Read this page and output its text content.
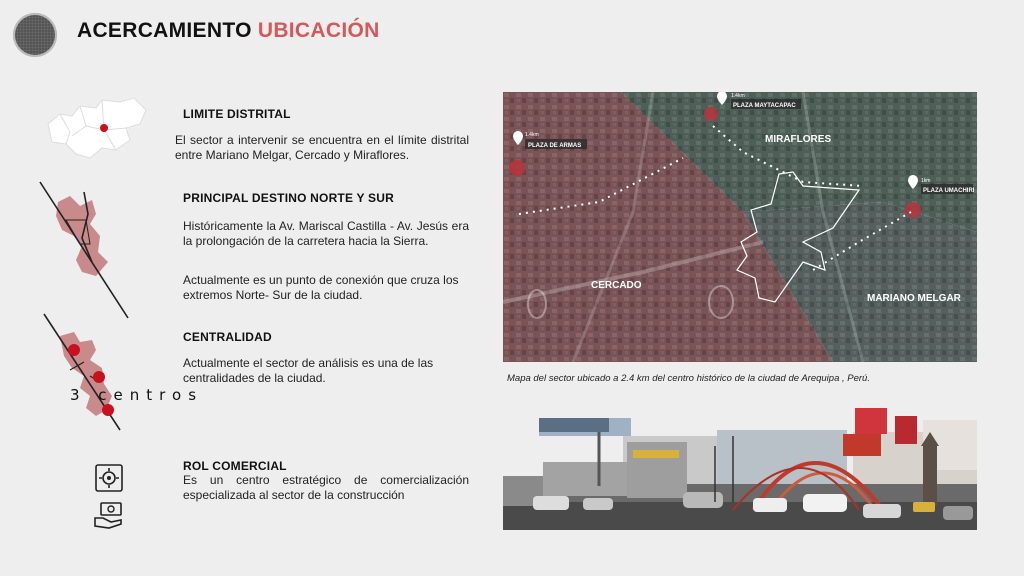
ACERCAMIENTO UBICACIÓN
LIMITE DISTRITAL
El sector a intervenir se encuentra en el límite distrital entre Mariano Melgar, Cercado y Miraflores.
PRINCIPAL DESTINO NORTE Y SUR
Históricamente la Av. Mariscal Castilla - Av. Jesús era la prolongación de la carretera hacia la Sierra.
Actualmente es un punto de conexión que cruza los extremos Norte- Sur de la ciudad.
3 centros
CENTRALIDAD
Actualmente el sector de análisis es una de las centralidades de la ciudad.
ROL COMERCIAL
Es un centro estratégico de comercialización especializada al sector de la construcción
1.4km
PLAZA DE ARMAS
1.4km
PLAZA MAYTACAPAC
1km
PLAZA UMACHIRI
MIRAFLORES
CERCADO
MARIANO MELGAR
Mapa del sector ubicado a 2.4 km del centro histórico de la ciudad de Arequipa , Perú.
